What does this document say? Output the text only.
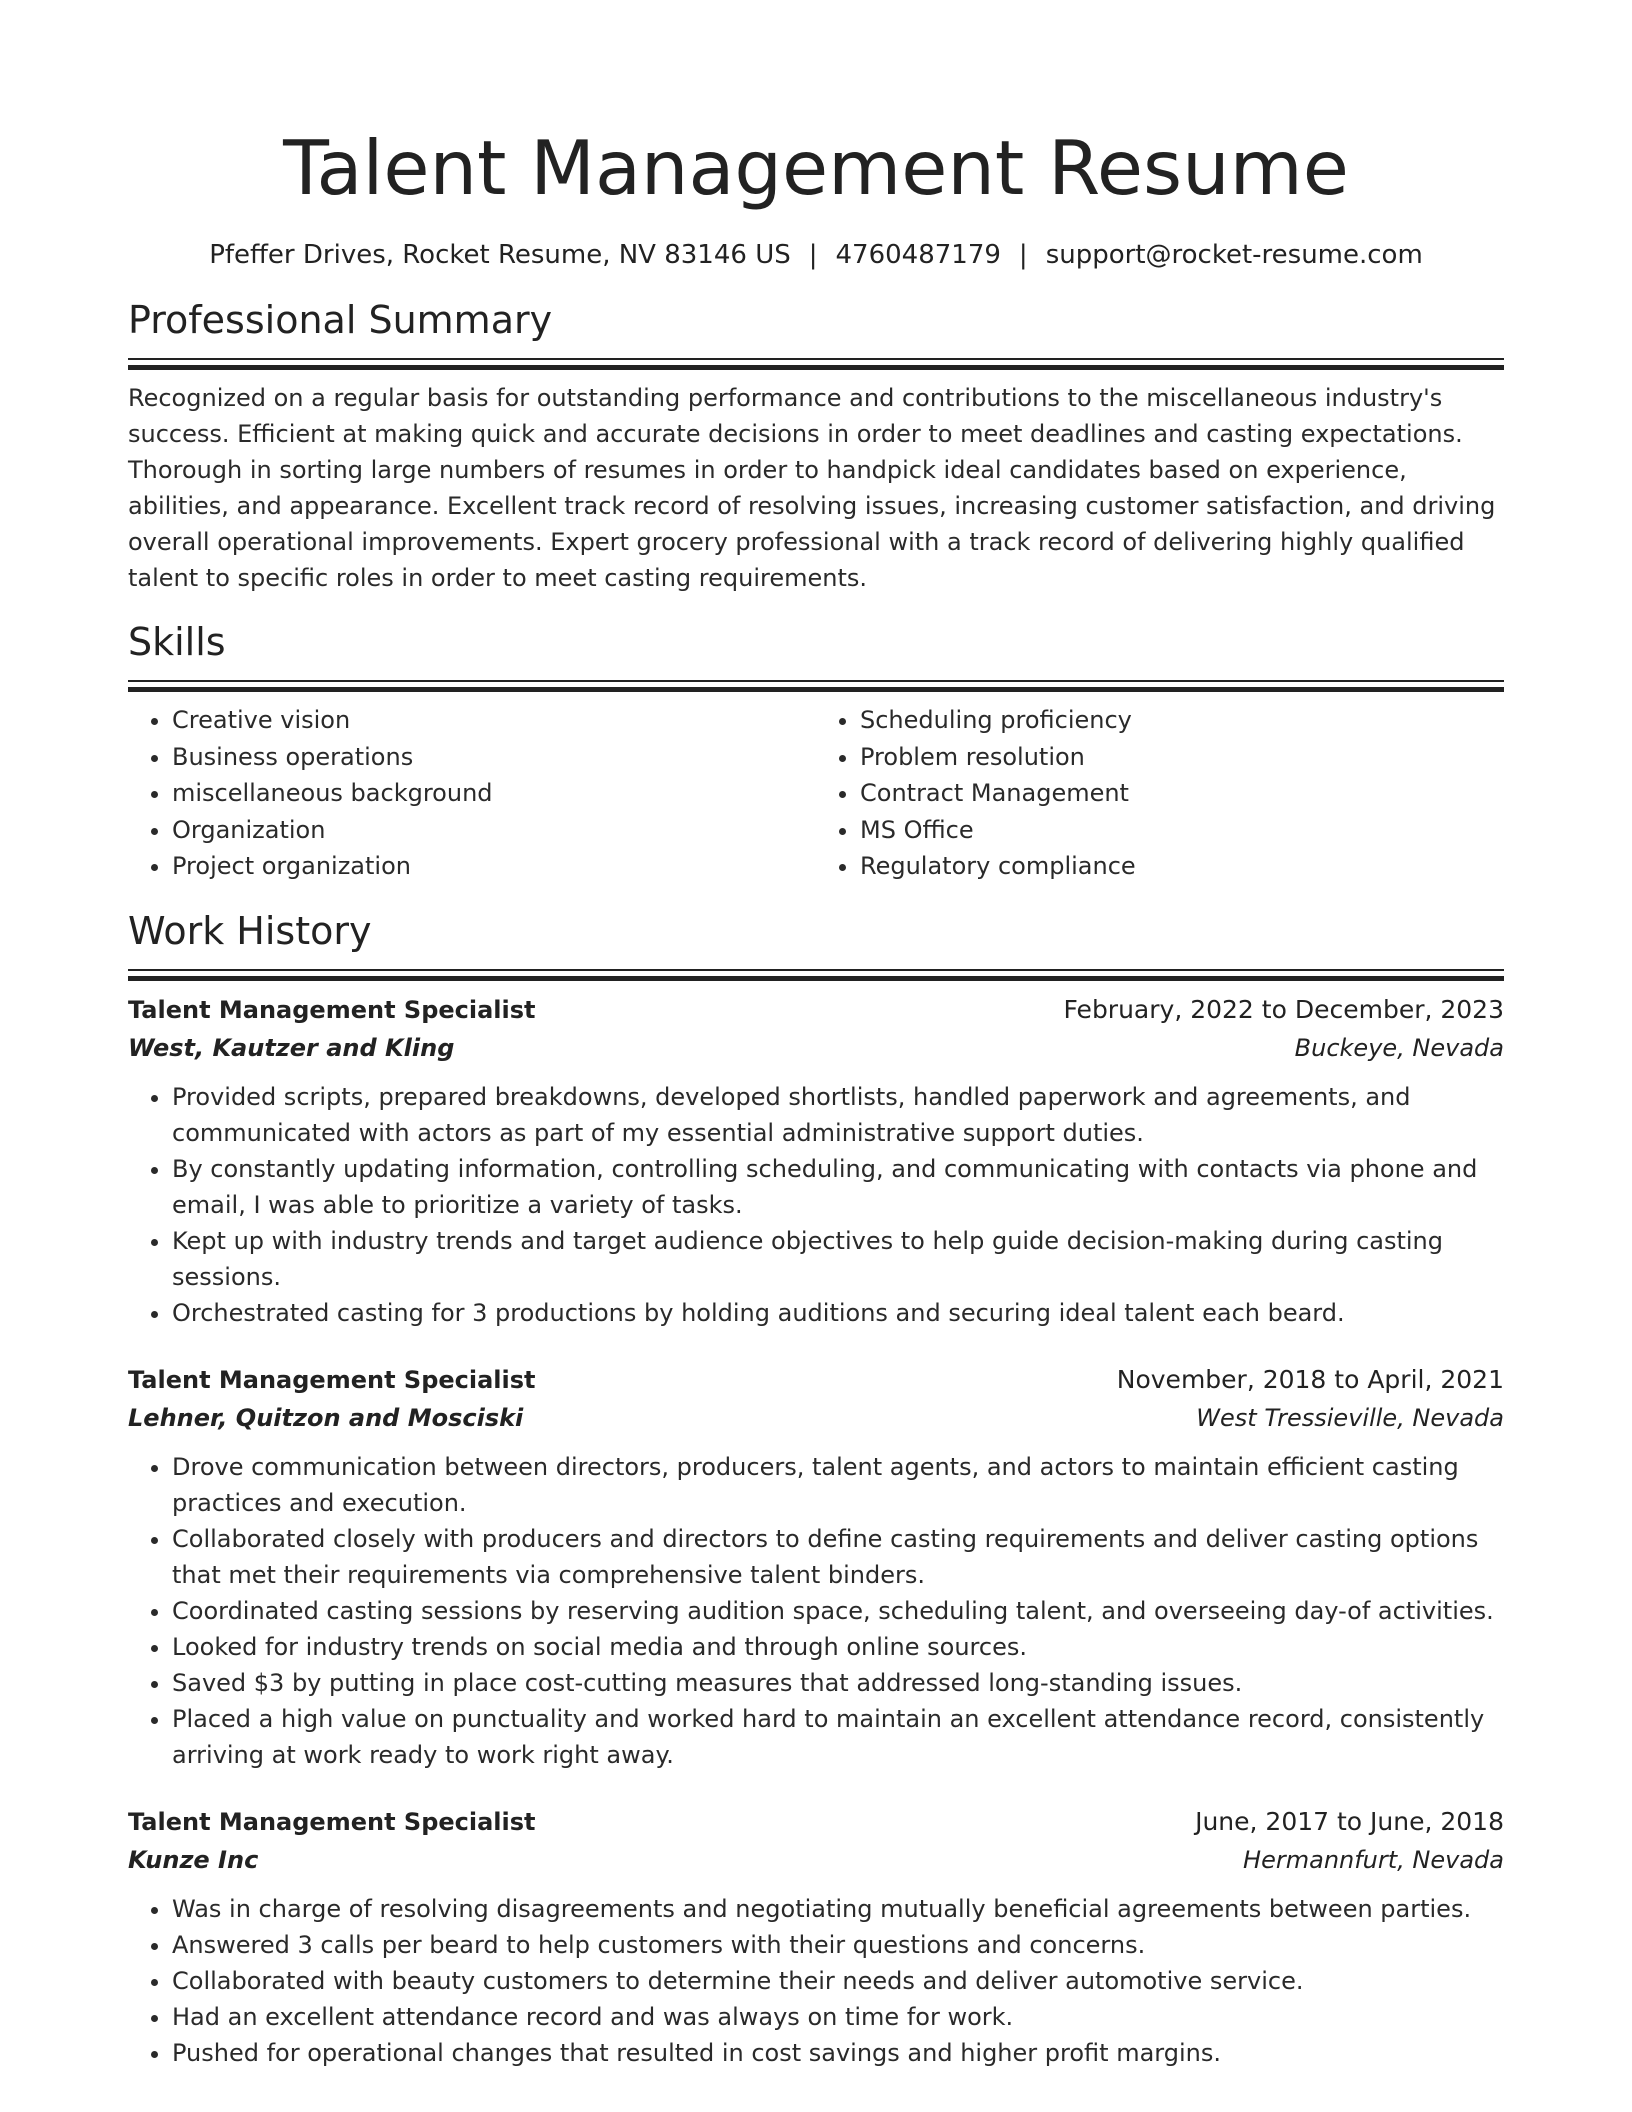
Talent Management Resume
Pfeffer Drives, Rocket Resume, NV 83146 US | 4760487179 | support@rocket-resume.com
Professional Summary

Recognized on a regular basis for outstanding performance and contributions to the miscellaneous industry's success. Efficient at making quick and accurate decisions in order to meet deadlines and casting expectations. Thorough in sorting large numbers of resumes in order to handpick ideal candidates based on experience, abilities, and appearance. Excellent track record of resolving issues, increasing customer satisfaction, and driving overall operational improvements. Expert grocery professional with a track record of delivering highly qualified talent to specific roles in order to meet casting requirements.

Skills
• Creative vision
• Business operations
• miscellaneous background
• Organization
• Project organization
• Scheduling proficiency
• Problem resolution
• Contract Management
• MS Office
• Regulatory compliance
Work History
Talent Management Specialist	February, 2022 to December, 2023
West, Kautzer and Kling	Buckeye, Nevada
• Provided scripts, prepared breakdowns, developed shortlists, handled paperwork and agreements, and communicated with actors as part of my essential administrative support duties.
• By constantly updating information, controlling scheduling, and communicating with contacts via phone and email, I was able to prioritize a variety of tasks.
• Kept up with industry trends and target audience objectives to help guide decision-making during casting sessions.
• Orchestrated casting for 3 productions by holding auditions and securing ideal talent each beard.
Talent Management Specialist	November, 2018 to April, 2021
Lehner, Quitzon and Mosciski	West Tressieville, Nevada
• Drove communication between directors, producers, talent agents, and actors to maintain efficient casting practices and execution.
• Collaborated closely with producers and directors to define casting requirements and deliver casting options that met their requirements via comprehensive talent binders.
• Coordinated casting sessions by reserving audition space, scheduling talent, and overseeing day-of activities.
• Looked for industry trends on social media and through online sources.
• Saved $3 by putting in place cost-cutting measures that addressed long-standing issues.
• Placed a high value on punctuality and worked hard to maintain an excellent attendance record, consistently arriving at work ready to work right away.
Talent Management Specialist	June, 2017 to June, 2018
Kunze Inc	Hermannfurt, Nevada
• Was in charge of resolving disagreements and negotiating mutually beneficial agreements between parties.
• Answered 3 calls per beard to help customers with their questions and concerns.
• Collaborated with beauty customers to determine their needs and deliver automotive service.
• Had an excellent attendance record and was always on time for work.
• Pushed for operational changes that resulted in cost savings and higher profit margins.
